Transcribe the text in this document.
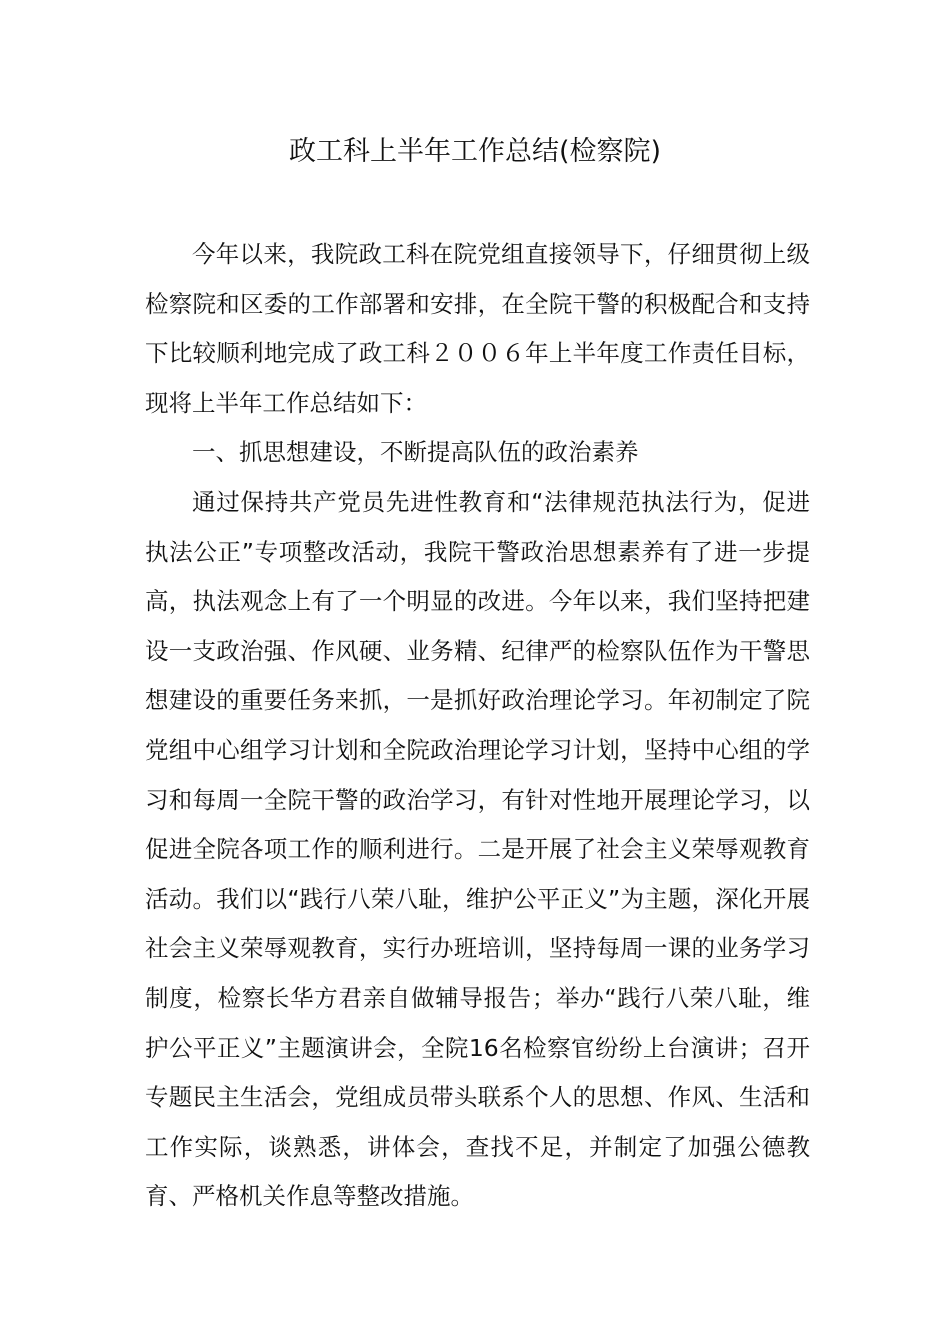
政工科上半年工作总结(检察院)

今年以来，我院政工科在院党组直接领导下，仔细贯彻上级检察院和区委的工作部署和安排，在全院干警的积极配合和支持下比较顺利地完成了政工科２００６年上半年度工作责任目标，现将上半年工作总结如下：

一、抓思想建设，不断提高队伍的政治素养

通过保持共产党员先进性教育和“法律规范执法行为，促进执法公正”专项整改活动，我院干警政治思想素养有了进一步提高，执法观念上有了一个明显的改进。今年以来，我们坚持把建设一支政治强、作风硬、业务精、纪律严的检察队伍作为干警思想建设的重要任务来抓，一是抓好政治理论学习。年初制定了院党组中心组学习计划和全院政治理论学习计划，坚持中心组的学习和每周一全院干警的政治学习，有针对性地开展理论学习，以促进全院各项工作的顺利进行。二是开展了社会主义荣辱观教育活动。我们以“践行八荣八耻，维护公平正义”为主题，深化开展社会主义荣辱观教育，实行办班培训，坚持每周一课的业务学习制度，检察长华方君亲自做辅导报告；举办“践行八荣八耻，维护公平正义”主题演讲会，全院16名检察官纷纷上台演讲；召开专题民主生活会，党组成员带头联系个人的思想、作风、生活和工作实际，谈熟悉，讲体会，查找不足，并制定了加强公德教育、严格机关作息等整改措施。
